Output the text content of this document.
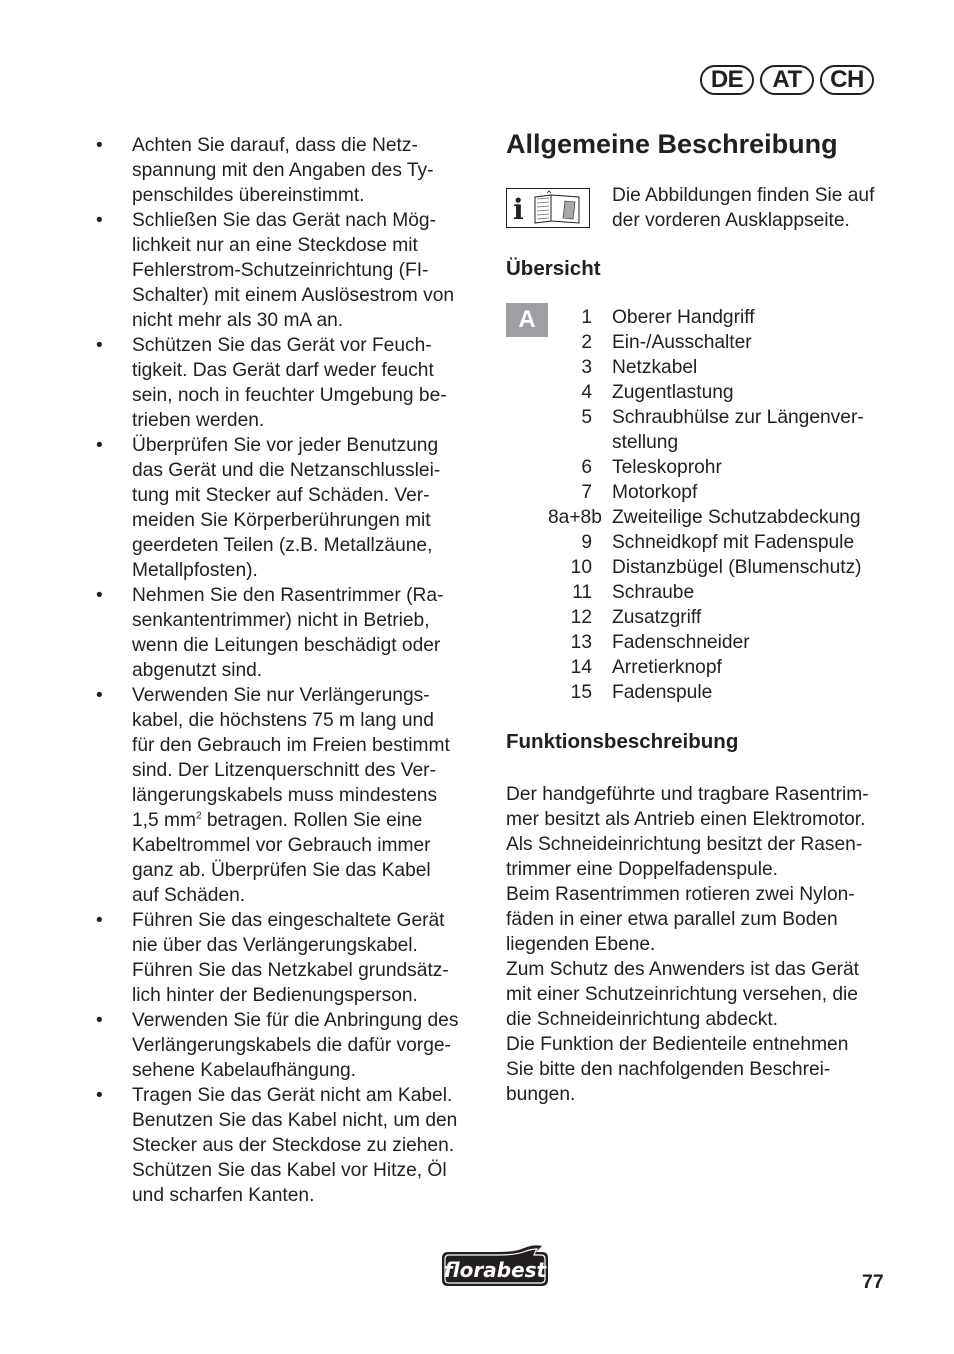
DE	AT	CH
• Achten Sie darauf, dass die Netz-
spannung mit den Angaben des Ty-
penschildes übereinstimmt.
• Schließen Sie das Gerät nach Mög-
lichkeit nur an eine Steckdose mit
Fehlerstrom-Schutzeinrichtung (FI-
Schalter) mit einem Auslösestrom von
nicht mehr als 30 mA an.
• Schützen Sie das Gerät vor Feuch-
tigkeit. Das Gerät darf weder feucht
sein, noch in feuchter Umgebung be-
trieben werden.
• Überprüfen Sie vor jeder Benutzung
das Gerät und die Netzanschlusslei-
tung mit Stecker auf Schäden. Ver-
meiden Sie Körperberührungen mit
geerdeten Teilen (z.B. Metallzäune,
Metallpfosten).
• Nehmen Sie den Rasentrimmer (Ra-
senkantentrimmer) nicht in Betrieb,
wenn die Leitungen beschädigt oder
abgenutzt sind.
• Verwenden Sie nur Verlängerungs-
kabel, die höchstens 75 m lang und
für den Gebrauch im Freien bestimmt
sind. Der Litzenquerschnitt des Ver-
längerungskabels muss mindestens
1,5 $mm^2$ betragen. Rollen Sie eine
Kabeltrommel vor Gebrauch immer
ganz ab. Überprüfen Sie das Kabel
auf Schäden.
• Führen Sie das eingeschaltete Gerät
nie über das Verlängerungskabel.
Führen Sie das Netzkabel grundsätz-
lich hinter der Bedienungsperson.
• Verwenden Sie für die Anbringung des
Verlängerungskabels die dafür vorge-
sehene Kabelaufhängung.
• Tragen Sie das Gerät nicht am Kabel.
Benutzen Sie das Kabel nicht, um den
Stecker aus der Steckdose zu ziehen.
Schützen Sie das Kabel vor Hitze, Öl
und scharfen Kanten.
Allgemeine Beschreibung
i	Die Abbildungen finden Sie auf
der vorderen Ausklappseite.
Übersicht
A	1	Oberer Handgriff
2	Ein-/Ausschalter
3	Netzkabel
4	Zugentlastung
5	Schraubhülse zur Längenver-
stellung
6	Teleskoprohr
7	Motorkopf
8a+8b Zweiteilige Schutzabdeckung
9	Schneidkopf mit Fadenspule
10	Distanzbügel (Blumenschutz)
11	Schraube
12	Zusatzgriff
13	Fadenschneider
14	Arretierknopf
15	Fadenspule
Funktionsbeschreibung
Der handgeführte und tragbare Rasentrim-
mer besitzt als Antrieb einen Elektromotor.
Als Schneideinrichtung besitzt der Rasen-
trimmer eine Doppelfadenspule.
Beim Rasentrimmen rotieren zwei Nylon-
fäden in einer etwa parallel zum Boden
liegenden Ebene.
Zum Schutz des Anwenders ist das Gerät
mit einer Schutzeinrichtung versehen, die
die Schneideinrichtung abdeckt.
Die Funktion der Bedienteile entnehmen
Sie bitte den nachfolgenden Beschrei-
bungen.
florabest	77
